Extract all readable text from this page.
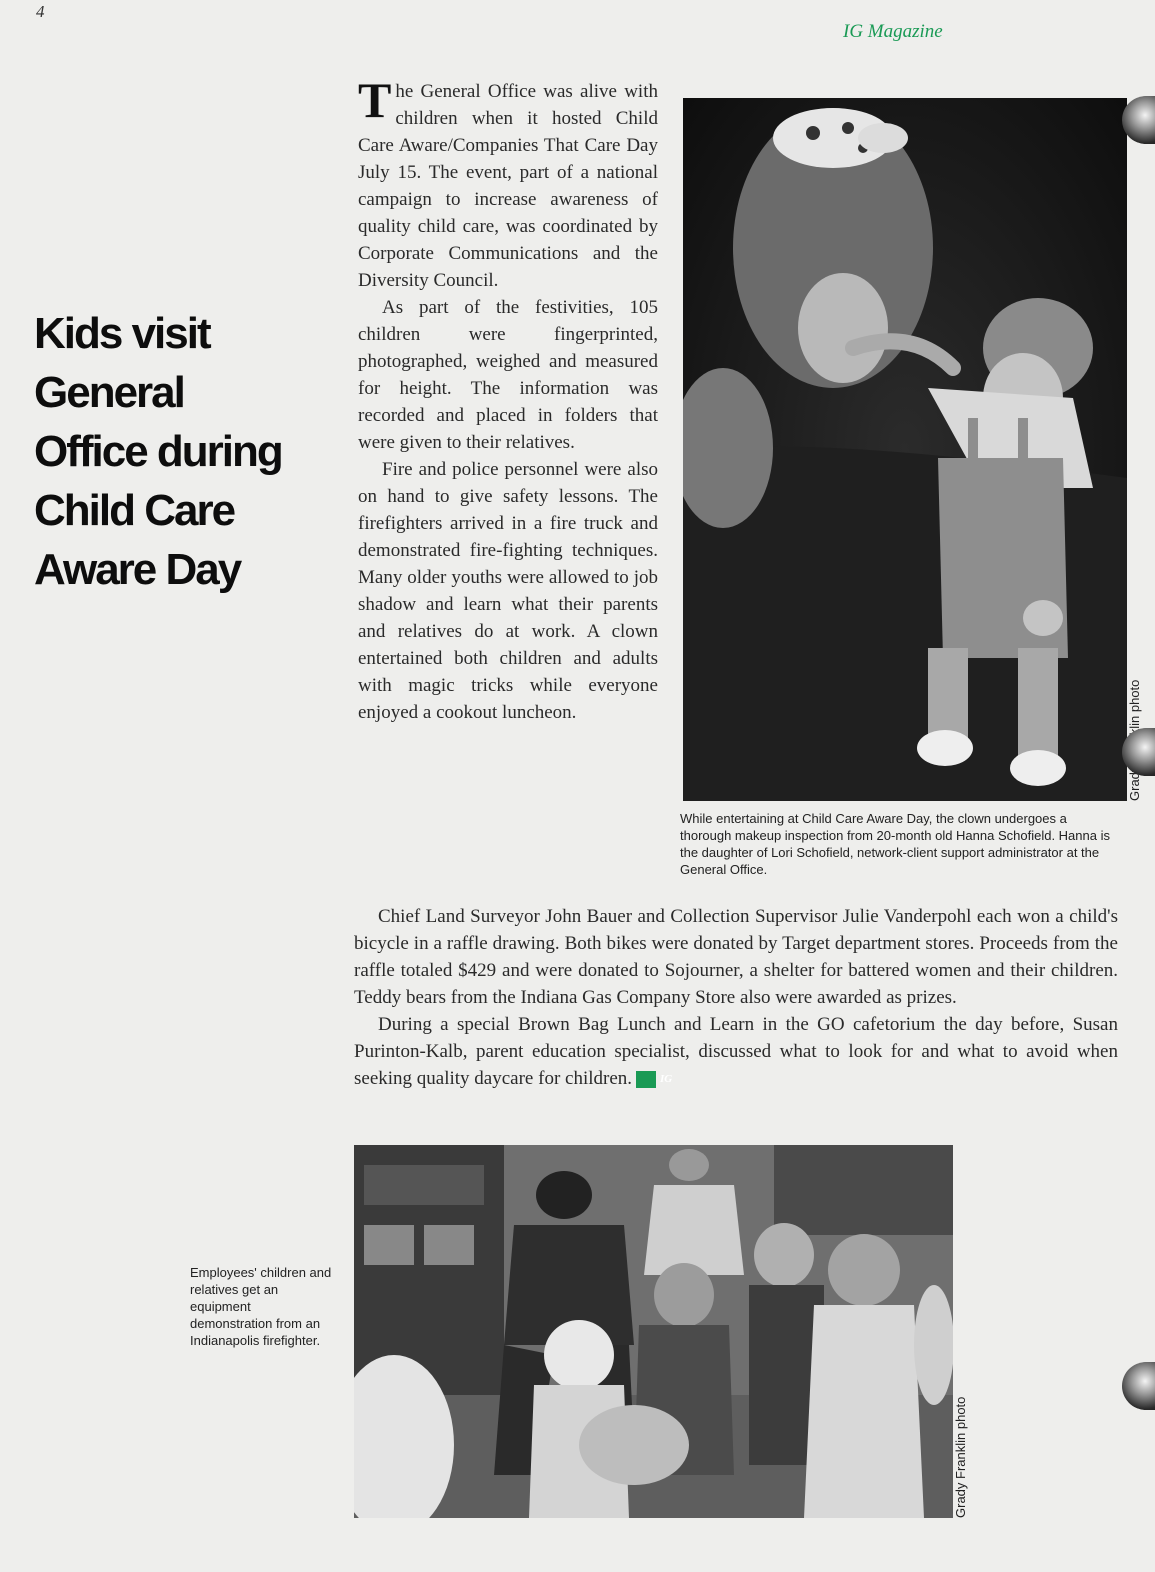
4
IG Magazine
Kids visit
General
Office during
Child Care
Aware Day

The General Office was alive with children when it hosted Child Care Aware/Companies That Care Day July 15. The event, part of a national campaign to increase awareness of quality child care, was coordinated by Corporate Communications and the Diversity Council.

As part of the festivities, 105 children were fingerprinted, photographed, weighed and measured for height. The information was recorded and placed in folders that were given to their relatives.

Fire and police personnel were also on hand to give safety lessons. The firefighters arrived in a fire truck and demonstrated fire-fighting techniques. Many older youths were allowed to job shadow and learn what their parents and relatives do at work. A clown entertained both children and adults with magic tricks while everyone enjoyed a cookout luncheon.

Chief Land Surveyor John Bauer and Collection Supervisor Julie Vanderpohl each won a child's bicycle in a raffle drawing. Both bikes were donated by Target department stores. Proceeds from the raffle totaled $429 and were donated to Sojourner, a shelter for battered women and their children. Teddy bears from the Indiana Gas Company Store also were awarded as prizes.

During a special Brown Bag Lunch and Learn in the GO cafetorium the day before, Susan Purinton-Kalb, parent education specialist, discussed what to look for and what to avoid when seeking quality daycare for children.	IG

While entertaining at Child Care Aware Day, the clown undergoes a thorough makeup inspection from 20-month old Hanna Schofield. Hanna is the daughter of Lori Schofield, network-client support administrator at the General Office.

Grady Franklin photo

Employees' children and relatives get an equipment demonstration from an Indianapolis firefighter.
